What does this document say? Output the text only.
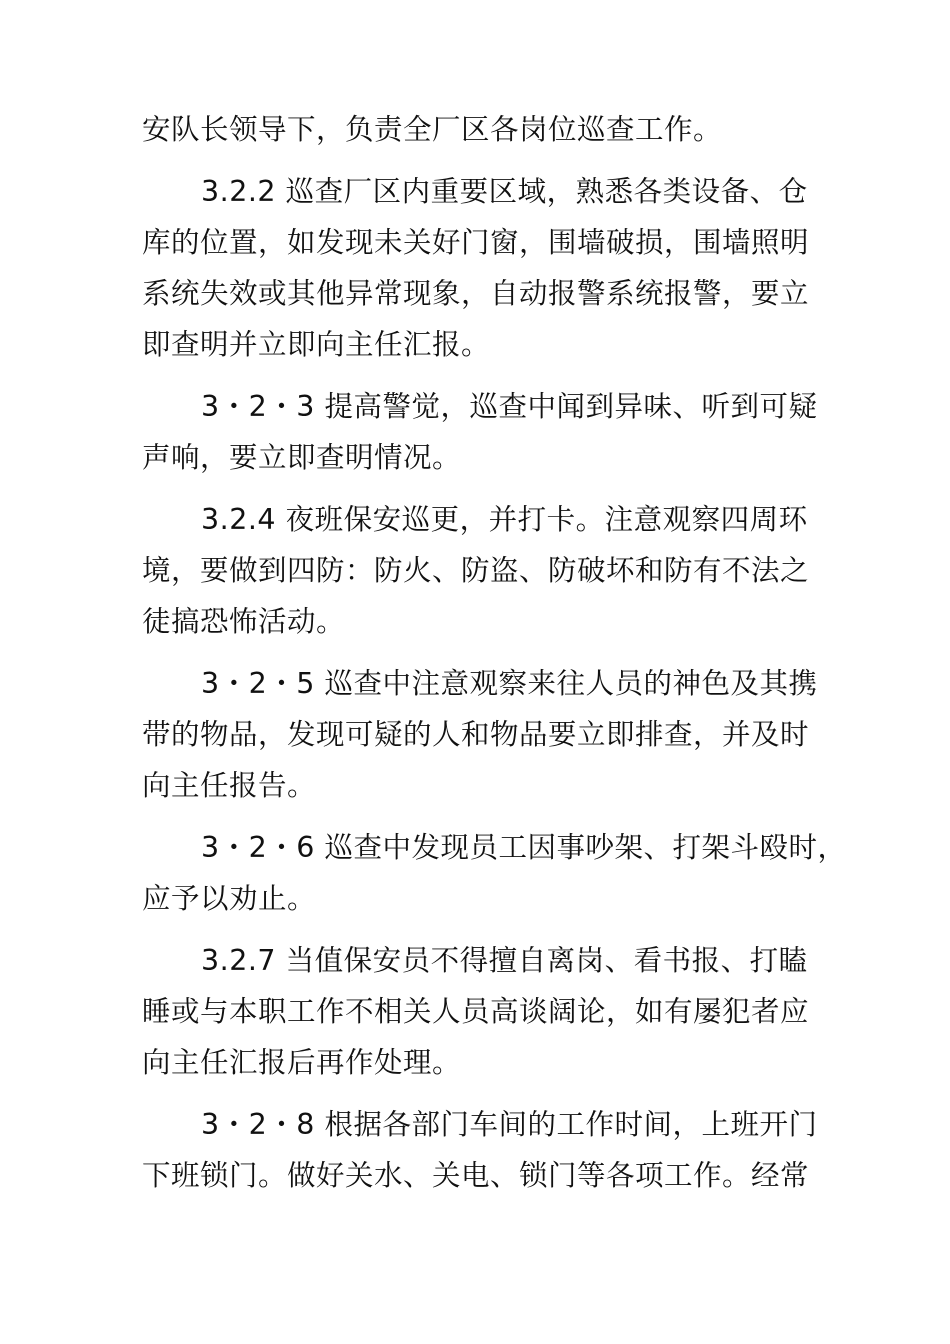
安队长领导下，负责全厂区各岗位巡查工作。

3.2.2 巡查厂区内重要区域，熟悉各类设备、仓
库的位置，如发现未关好门窗，围墙破损，围墙照明
系统失效或其他异常现象，自动报警系统报警，要立
即查明并立即向主任汇报。

3・2・3 提高警觉，巡查中闻到异味、听到可疑
声响，要立即查明情况。

3.2.4 夜班保安巡更，并打卡。注意观察四周环
境，要做到四防：防火、防盗、防破坏和防有不法之
徒搞恐怖活动。

3・2・5 巡查中注意观察来往人员的神色及其携
带的物品，发现可疑的人和物品要立即排查，并及时
向主任报告。

3・2・6 巡查中发现员工因事吵架、打架斗殴时，
应予以劝止。

3.2.7 当值保安员不得擅自离岗、看书报、打瞌
睡或与本职工作不相关人员高谈阔论，如有屡犯者应
向主任汇报后再作处理。

3・2・8 根据各部门车间的工作时间，上班开门
下班锁门。做好关水、关电、锁门等各项工作。经常
